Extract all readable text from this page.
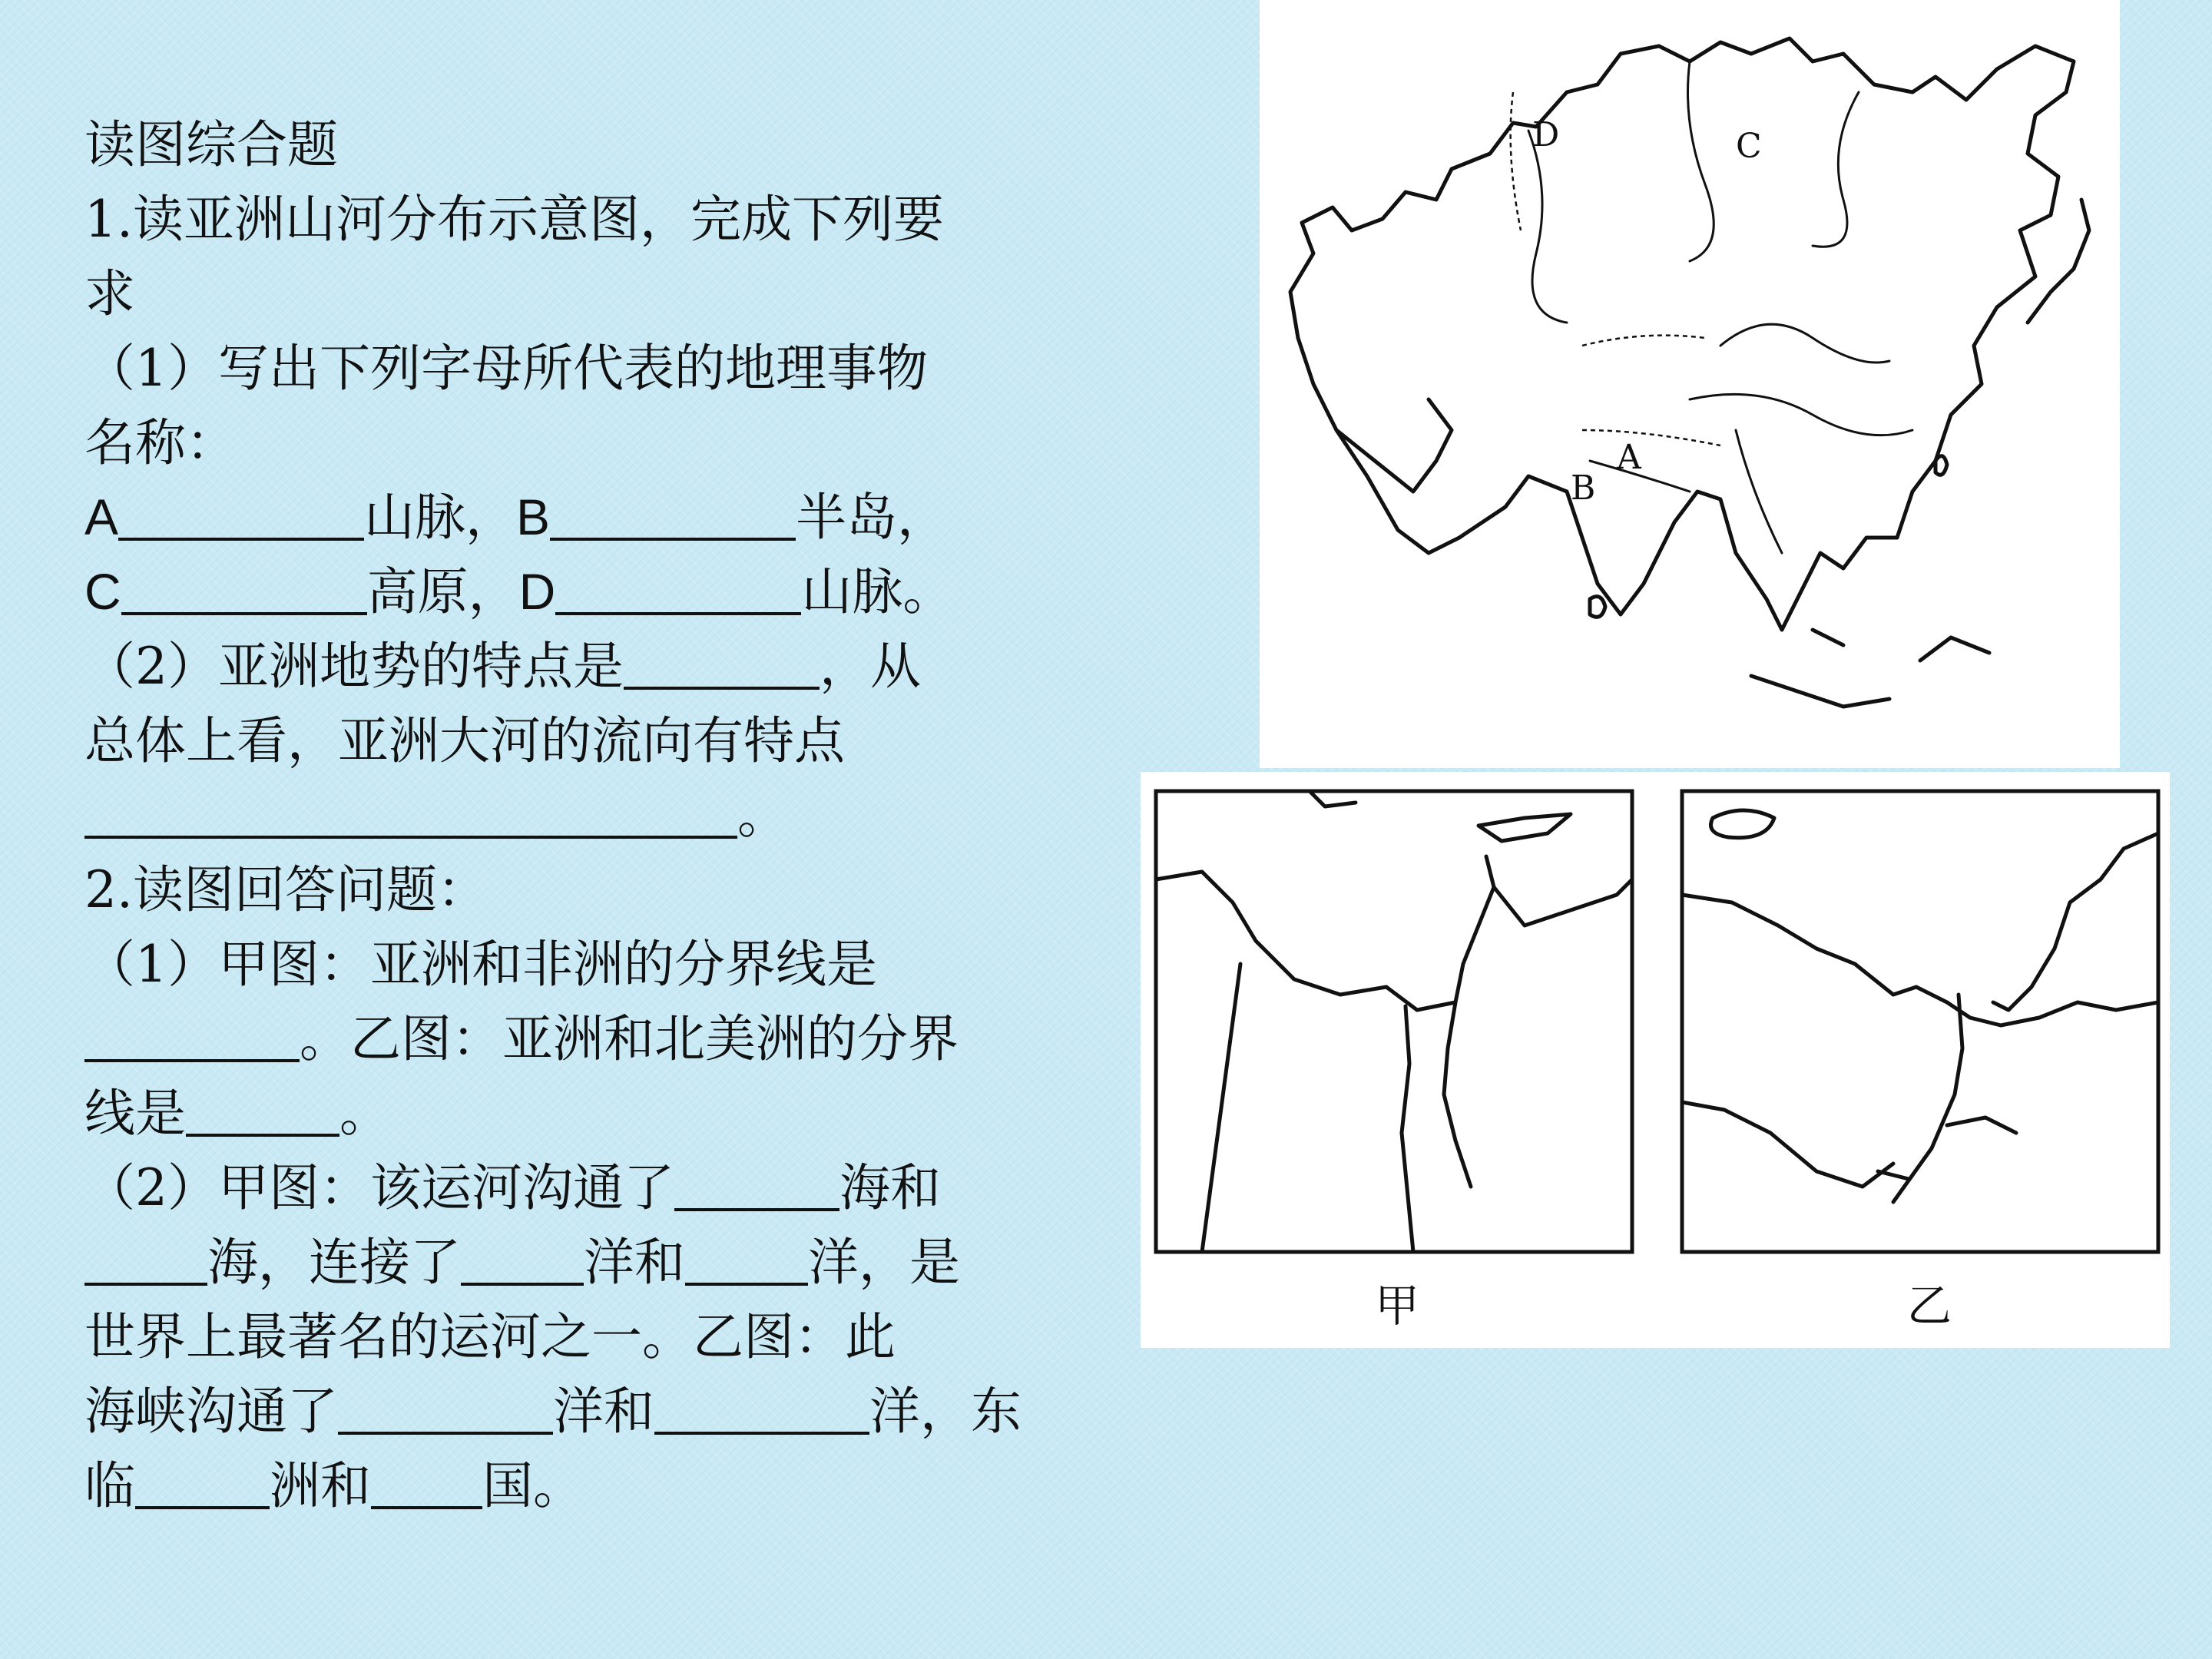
读图综合题
1.读亚洲山河分布示意图，完成下列要
求
（1）写出下列字母所代表的地理事物
名称：
A	山脉，B	半岛，
C	高原，D	山脉。
（2）亚洲地势的特点是	，从
总体上看，亚洲大河的流向有特点
。
2.读图回答问题：
（1）甲图：亚洲和非洲的分界线是
。乙图：亚洲和北美洲的分界
线是	。
（2）甲图：该运河沟通了	海和
海，连接了 洋和 洋，是
世界上最著名的运河之一。乙图：此
海峡沟通了	洋和	洋，东
临	洲和 国。
D	C
A
B
甲	乙
